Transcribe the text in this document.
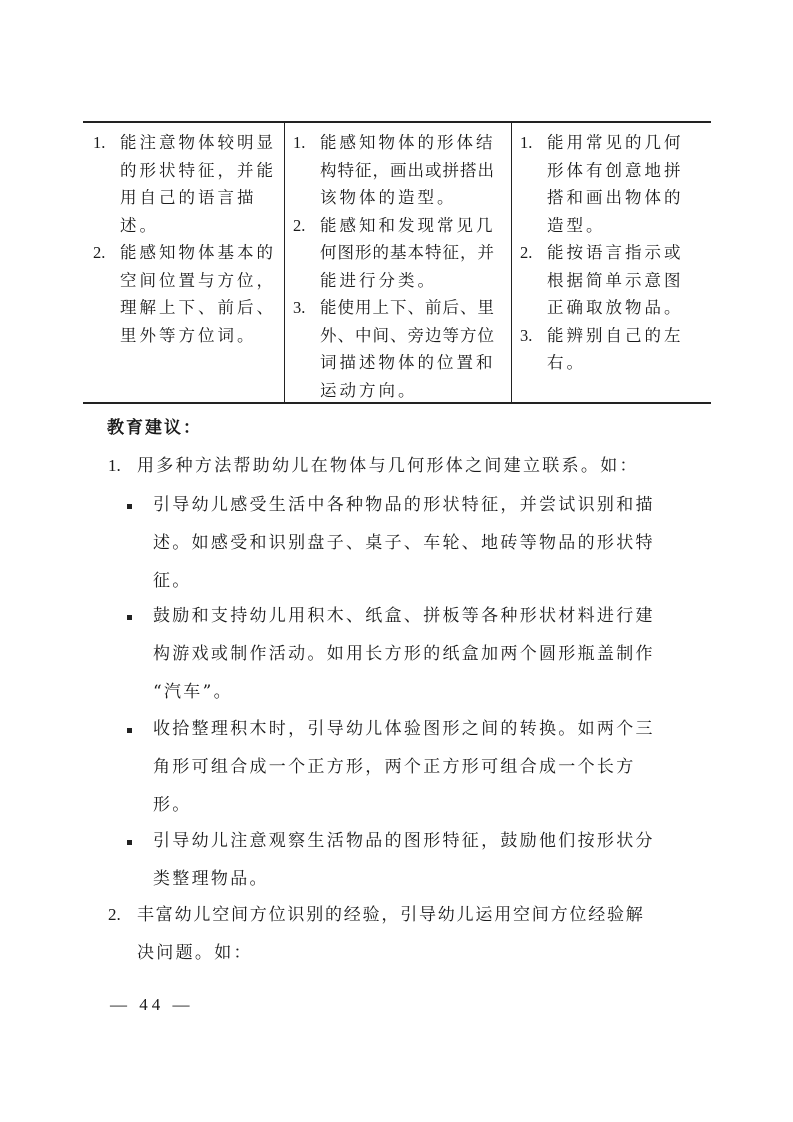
1. 能注意物体较明显
的形状特征，并能
用自己的语言描
述。
2. 能感知物体基本的
空间位置与方位，
理解上下、前后、
里外等方位词。
1. 能感知物体的形体结
构特征，画出或拼搭出
该物体的造型。
2. 能感知和发现常见几
何图形的基本特征，并
能进行分类。
3. 能使用上下、前后、里
外、中间、旁边等方位
词描述物体的位置和
运动方向。
1. 能用常见的几何
形体有创意地拼
搭和画出物体的
造型。
2. 能按语言指示或
根据简单示意图
正确取放物品。
3. 能辨别自己的左
右。
教育建议：
1. 用多种方法帮助幼儿在物体与几何形体之间建立联系。如：
引导幼儿感受生活中各种物品的形状特征，并尝试识别和描
述。如感受和识别盘子、桌子、车轮、地砖等物品的形状特
征。
鼓励和支持幼儿用积木、纸盒、拼板等各种形状材料进行建
构游戏或制作活动。如用长方形的纸盒加两个圆形瓶盖制作
“汽车”。
收拾整理积木时，引导幼儿体验图形之间的转换。如两个三
角形可组合成一个正方形，两个正方形可组合成一个长方
形。
引导幼儿注意观察生活物品的图形特征，鼓励他们按形状分
类整理物品。
2. 丰富幼儿空间方位识别的经验，引导幼儿运用空间方位经验解
决问题。如：
— 44 —
